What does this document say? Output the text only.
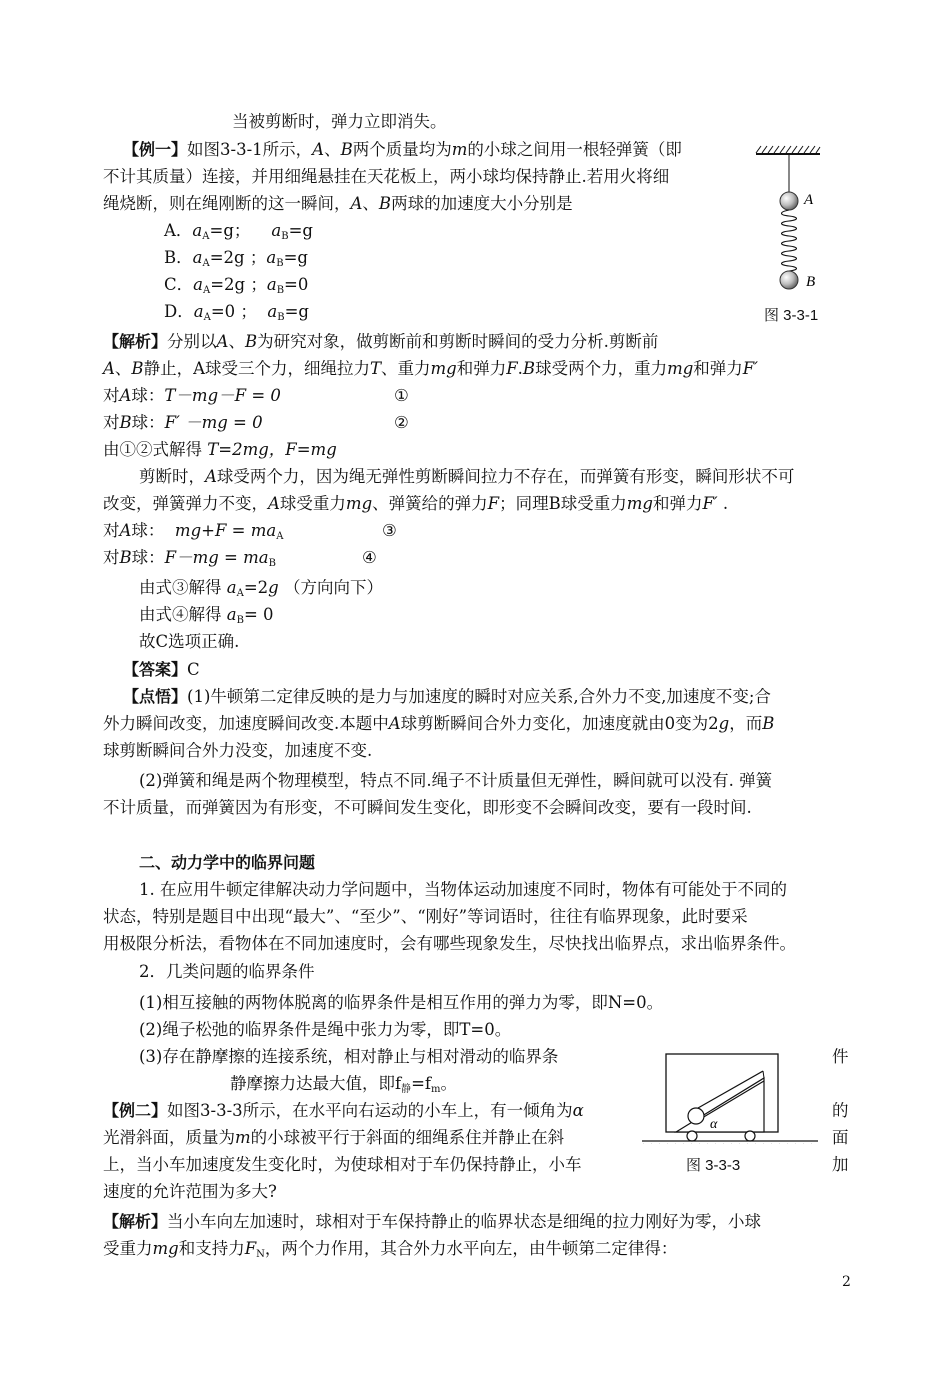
当被剪断时，弹力立即消失。
【例一】如图3-3-1所示，A、B两个质量均为m的小球之间用一根轻弹簧（即
不计其质量）连接，并用细绳悬挂在天花板上，两小球均保持静止.若用火将细
绳烧断，则在绳刚断的这一瞬间，A、B两球的加速度大小分别是
A．$a_A=g$； $a_B=g$
B．$a_A=2g$ ；$a_B=g$
C．$a_A=2g$ ；$a_B=0$
D．$a_A=0$ ； $a_B=g$
A
B
图 3-3-1
【解析】分别以A、B为研究对象，做剪断前和剪断时瞬间的受力分析.剪断前
A、B静止，A球受三个力，细绳拉力T、重力mg和弹力F.B球受两个力，重力mg和弹力F′
对A球：T－mg－F = 0	①
对B球：F′ －mg = 0	②
由①②式解得 T=2mg，F=mg
剪断时，A球受两个力，因为绳无弹性剪断瞬间拉力不存在，而弹簧有形变，瞬间形状不可
改变，弹簧弹力不变，A球受重力mg、弹簧给的弹力F；同理B球受重力mg和弹力F′ .
对A球： $mg+F = ma_A$	③
对B球：$F-mg = ma_B$	④
由式③解得 $a_A=2g$ （方向向下）
由式④解得 $a_B= 0$
故C选项正确.
【答案】C
【点悟】(1)牛顿第二定律反映的是力与加速度的瞬时对应关系,合外力不变,加速度不变;合
外力瞬间改变，加速度瞬间改变.本题中A球剪断瞬间合外力变化，加速度就由0变为2g，而B
球剪断瞬间合外力没变，加速度不变.
(2)弹簧和绳是两个物理模型，特点不同.绳子不计质量但无弹性，瞬间就可以没有. 弹簧
不计质量，而弹簧因为有形变，不可瞬间发生变化，即形变不会瞬间改变，要有一段时间.
二、动力学中的临界问题
1. 在应用牛顿定律解决动力学问题中，当物体运动加速度不同时，物体有可能处于不同的
状态，特别是题目中出现“最大”、“至少”、“刚好”等词语时，往往有临界现象，此时要采
用极限分析法，看物体在不同加速度时，会有哪些现象发生，尽快找出临界点，求出临界条件。
2．几类问题的临界条件
(1)相互接触的两物体脱离的临界条件是相互作用的弹力为零，即N=0。
(2)绳子松弛的临界条件是绳中张力为零，即T=0。
(3)存在静摩擦的连接系统，相对静止与相对滑动的临界条	件
静摩擦力达最大值，即$f_静=f_m$。
【例二】如图3-3-3所示，在水平向右运动的小车上，有一倾角为α	的
光滑斜面，质量为m的小球被平行于斜面的细绳系住并静止在斜	面
上，当小车加速度发生变化时，为使球相对于车仍保持静止，小车	加
速度的允许范围为多大?
α
图 3-3-3
【解析】当小车向左加速时，球相对于车保持静止的临界状态是细绳的拉力刚好为零，小球
受重力mg和支持力$F_N$，两个力作用，其合外力水平向左，由牛顿第二定律得：
2
